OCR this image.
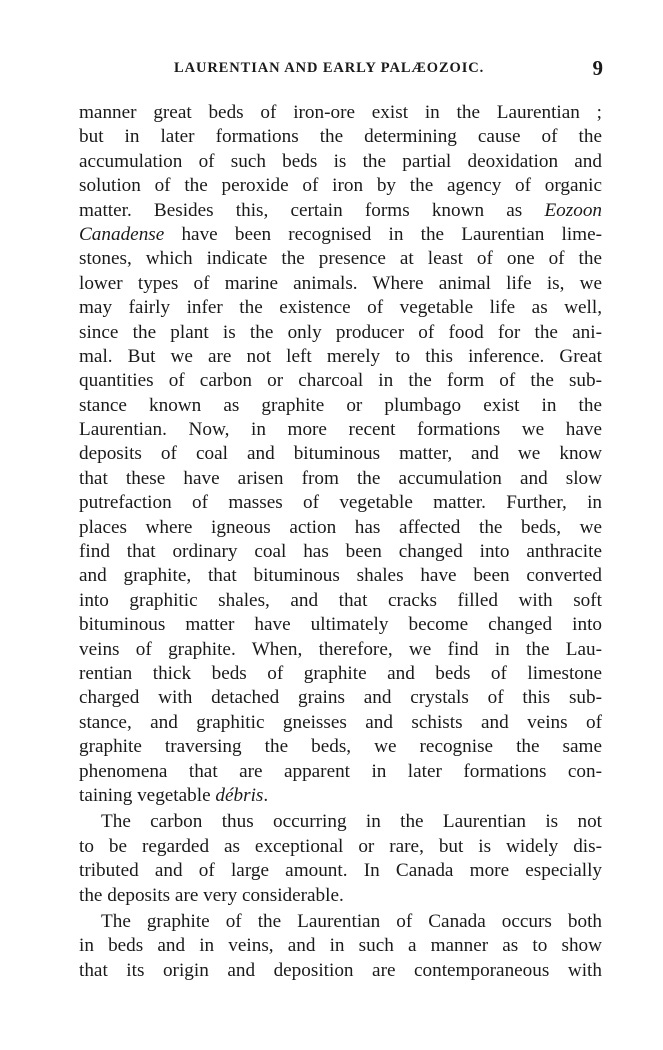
LAURENTIAN AND EARLY PALÆOZOIC.	9
manner great beds of iron-ore exist in the Laurentian ;
but in later formations the determining cause of the
accumulation of such beds is the partial deoxidation and
solution of the peroxide of iron by the agency of organic
matter. Besides this, certain forms known as Eozoon
Canadense have been recognised in the Laurentian lime-
stones, which indicate the presence at least of one of the
lower types of marine animals. Where animal life is, we
may fairly infer the existence of vegetable life as well,
since the plant is the only producer of food for the ani-
mal. But we are not left merely to this inference. Great
quantities of carbon or charcoal in the form of the sub-
stance known as graphite or plumbago exist in the
Laurentian. Now, in more recent formations we have
deposits of coal and bituminous matter, and we know
that these have arisen from the accumulation and slow
putrefaction of masses of vegetable matter. Further, in
places where igneous action has affected the beds, we
find that ordinary coal has been changed into anthracite
and graphite, that bituminous shales have been converted
into graphitic shales, and that cracks filled with soft
bituminous matter have ultimately become changed into
veins of graphite. When, therefore, we find in the Lau-
rentian thick beds of graphite and beds of limestone
charged with detached grains and crystals of this sub-
stance, and graphitic gneisses and schists and veins of
graphite traversing the beds, we recognise the same
phenomena that are apparent in later formations con-
taining vegetable débris.
The carbon thus occurring in the Laurentian is not
to be regarded as exceptional or rare, but is widely dis-
tributed and of large amount. In Canada more especially
the deposits are very considerable.
The graphite of the Laurentian of Canada occurs both
in beds and in veins, and in such a manner as to show
that its origin and deposition are contemporaneous with
